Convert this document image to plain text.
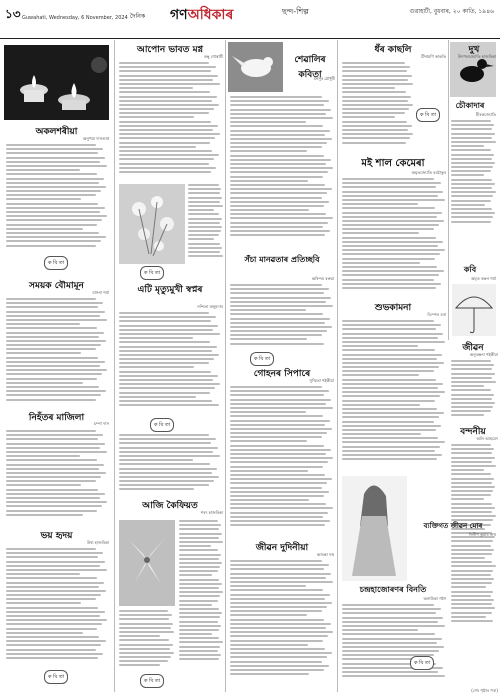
১৩ Guwahati, Wednesday, 6 November, 2024 দৈনিক গণঅধিকাৰ	ছন্দ-শিল্প	গুৱাহাটী, বুধবাৰ, ২০ কাতি, ১৯৪৬
অকলশৰীয়া
অনুপমা দাসগুপ্ত
ক বি তা
সময়ক বৌমামূন
বাসনা শৰ্মা
নিহঁতৰ মাজিলা
চম্পা দাস
ভয় হৃদয়
উষা হাজৰিকা
ক বি তা
আপোন ভাবত মগ্ন
ৰঞ্জু গোস্বামী
ক বি তা
এটি মৃত্যুমুখী স্বপ্নৰ
নন্দিতা মজুমদাৰ
ক বি তা
আজি কৈফিয়ত
শৰৎ হাজৰিকা
ক বি তা
শেৱালিৰ কবিতা
মনসুৰ চৌধুৰী
সঁচা মানৱতাৰ প্ৰতিচ্ছবি
অৰিন্দম বৰুৱা
ক বি তা
গোহনৰ সিপাৰে
সুস্মিতা শইকীয়া
জীৱন দুদিনীয়া
অজন্তা দত্ত
ধঁৰ কাছলি
টিনামণি কাকতি
ক বি তা
মই শাল কেমেৰা
অমৃতজ্যোতি বৰঠাকুৰ
শুভকামনা
ডিম্পল বৰা
চন্দ্ৰহাজোৰণৰ বিনতি
অনামিকা গগৈ
ক বি তা
দুখ
উৎপলজ্যোতি হাজৰিকা
চৌকাদাৰ
হীৰকজ্যোতি
কবি
অমৃত ৰঞ্জন শৰ্মা
জীৱন
অনুৰঞ্জনা শইকীয়া
বন্দনীয়
অলি আহমেদ
ব্যক্তিগত জীৱন মোৰ
দিলীপ কুমাৰ নাথ
(শেষ পৃষ্ঠাৰ পৰা)
